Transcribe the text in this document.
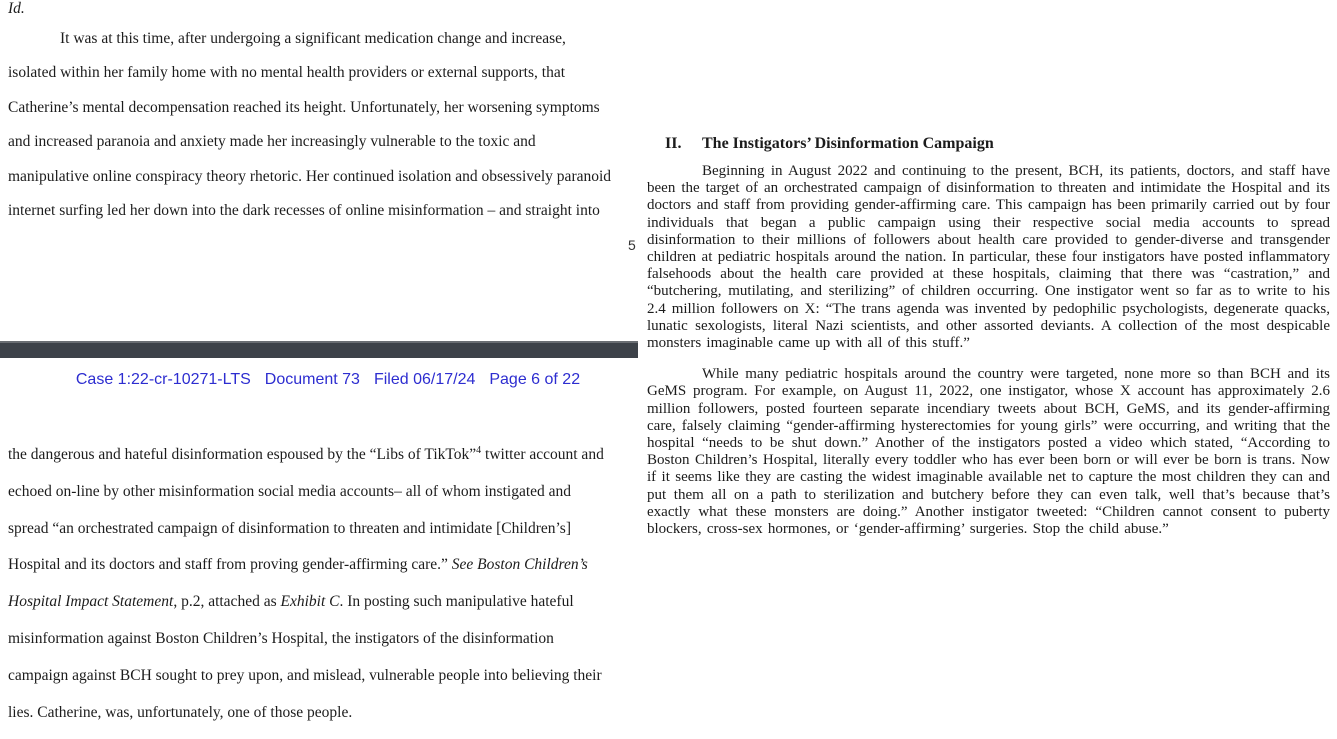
Id.
It was at this time, after undergoing a significant medication change and increase,
isolated within her family home with no mental health providers or external supports, that
Catherine’s mental decompensation reached its height. Unfortunately, her worsening symptoms
and increased paranoia and anxiety made her increasingly vulnerable to the toxic and
manipulative online conspiracy theory rhetoric. Her continued isolation and obsessively paranoid
internet surfing led her down into the dark recesses of online misinformation – and straight into
5
Case 1:22-cr-10271-LTS Document 73 Filed 06/17/24 Page 6 of 22
the dangerous and hateful disinformation espoused by the “Libs of TikTok”$^4$ twitter account and
echoed on-line by other misinformation social media accounts– all of whom instigated and
spread “an orchestrated campaign of disinformation to threaten and intimidate [Children’s]
Hospital and its doctors and staff from proving gender-affirming care.” See Boston Children’s
Hospital Impact Statement, p.2, attached as Exhibit C. In posting such manipulative hateful
misinformation against Boston Children’s Hospital, the instigators of the disinformation
campaign against BCH sought to prey upon, and mislead, vulnerable people into believing their
lies. Catherine, was, unfortunately, one of those people.
II. The Instigators’ Disinformation Campaign

Beginning in August 2022 and continuing to the present, BCH, its patients, doctors, and staff have been the target of an orchestrated campaign of disinformation to threaten and intimidate the Hospital and its doctors and staff from providing gender-affirming care. This campaign has been primarily carried out by four individuals that began a public campaign using their respective social media accounts to spread disinformation to their millions of followers about health care provided to gender-diverse and transgender children at pediatric hospitals around the nation. In particular, these four instigators have posted inflammatory falsehoods about the health care provided at these hospitals, claiming that there was “castration,” and “butchering, mutilating, and sterilizing” of children occurring. One instigator went so far as to write to his 2.4 million followers on X: “The trans agenda was invented by pedophilic psychologists, degenerate quacks, lunatic sexologists, literal Nazi scientists, and other assorted deviants. A collection of the most despicable monsters imaginable came up with all of this stuff.”

While many pediatric hospitals around the country were targeted, none more so than BCH and its GeMS program. For example, on August 11, 2022, one instigator, whose X account has approximately 2.6 million followers, posted fourteen separate incendiary tweets about BCH, GeMS, and its gender-affirming care, falsely claiming “gender-affirming hysterectomies for young girls” were occurring, and writing that the hospital “needs to be shut down.” Another of the instigators posted a video which stated, “According to Boston Children’s Hospital, literally every toddler who has ever been born or will ever be born is trans. Now if it seems like they are casting the widest imaginable available net to capture the most children they can and put them all on a path to sterilization and butchery before they can even talk, well that’s because that’s exactly what these monsters are doing.” Another instigator tweeted: “Children cannot consent to puberty blockers, cross-sex hormones, or ‘gender-affirming’ surgeries. Stop the child abuse.”
